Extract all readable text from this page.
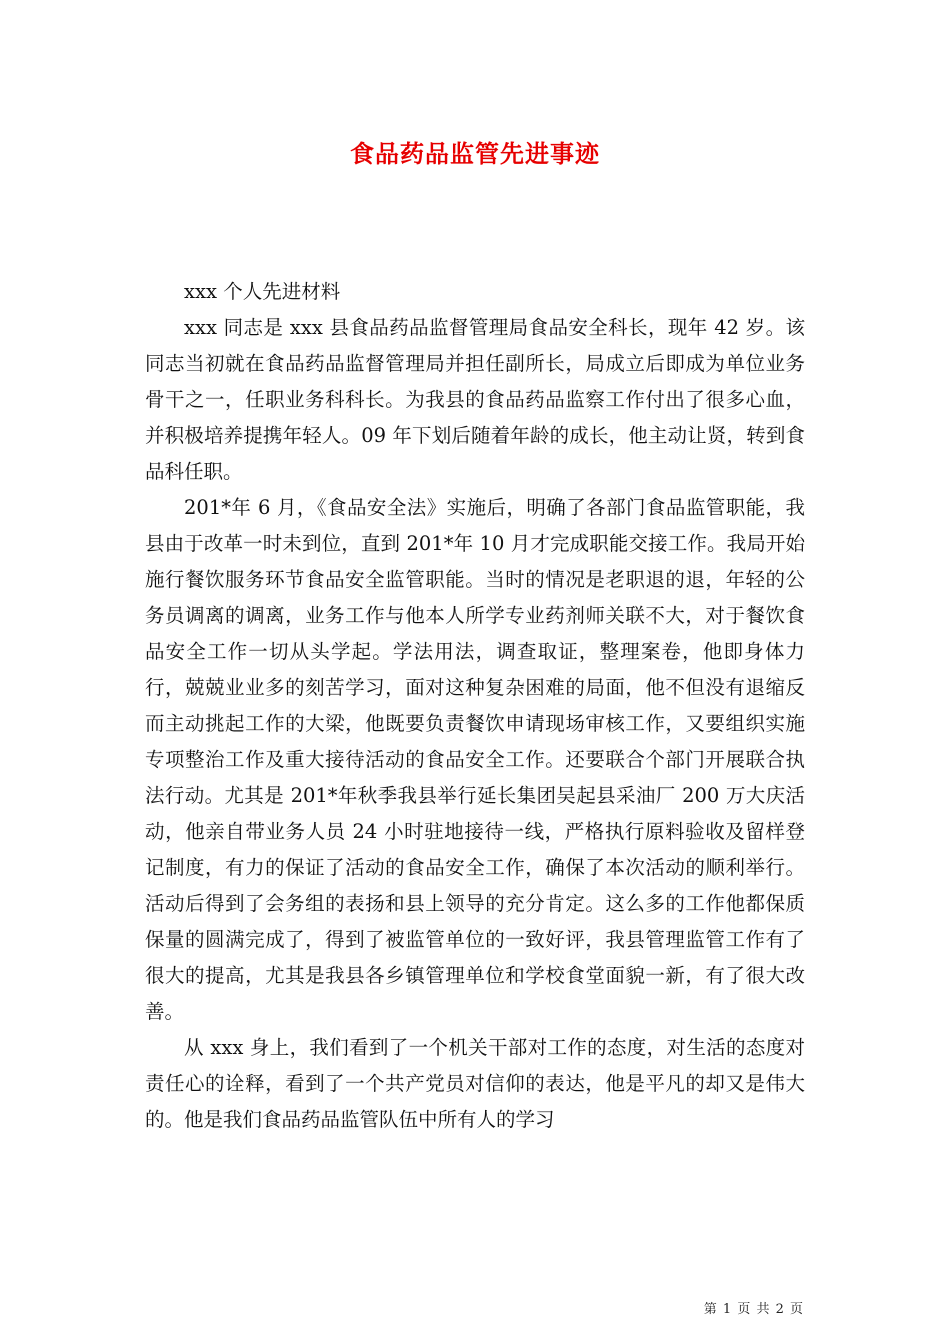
食品药品监管先进事迹

xxx 个人先进材料

xxx 同志是 xxx 县食品药品监督管理局食品安全科长，现年 42 岁。该同志当初就在食品药品监督管理局并担任副所长，局成立后即成为单位业务骨干之一，任职业务科科长。为我县的食品药品监察工作付出了很多心血，并积极培养提携年轻人。09 年下划后随着年龄的成长，他主动让贤，转到食品科任职。

201*年 6 月，《食品安全法》实施后，明确了各部门食品监管职能，我县由于改革一时未到位，直到 201*年 10 月才完成职能交接工作。我局开始施行餐饮服务环节食品安全监管职能。当时的情况是老职退的退，年轻的公务员调离的调离，业务工作与他本人所学专业药剂师关联不大，对于餐饮食品安全工作一切从头学起。学法用法，调查取证，整理案卷，他即身体力行，兢兢业业多的刻苦学习，面对这种复杂困难的局面，他不但没有退缩反而主动挑起工作的大梁，他既要负责餐饮申请现场审核工作，又要组织实施专项整治工作及重大接待活动的食品安全工作。还要联合个部门开展联合执法行动。尤其是 201*年秋季我县举行延长集团吴起县采油厂 200 万大庆活动，他亲自带业务人员 24 小时驻地接待一线，严格执行原料验收及留样登记制度，有力的保证了活动的食品安全工作，确保了本次活动的顺利举行。活动后得到了会务组的表扬和县上领导的充分肯定。这么多的工作他都保质保量的圆满完成了，得到了被监管单位的一致好评，我县管理监管工作有了很大的提高，尤其是我县各乡镇管理单位和学校食堂面貌一新，有了很大改善。

从 xxx 身上，我们看到了一个机关干部对工作的态度，对生活的态度对责任心的诠释，看到了一个共产党员对信仰的表达，他是平凡的却又是伟大的。他是我们食品药品监管队伍中所有人的学习

第 1 页 共 2 页
